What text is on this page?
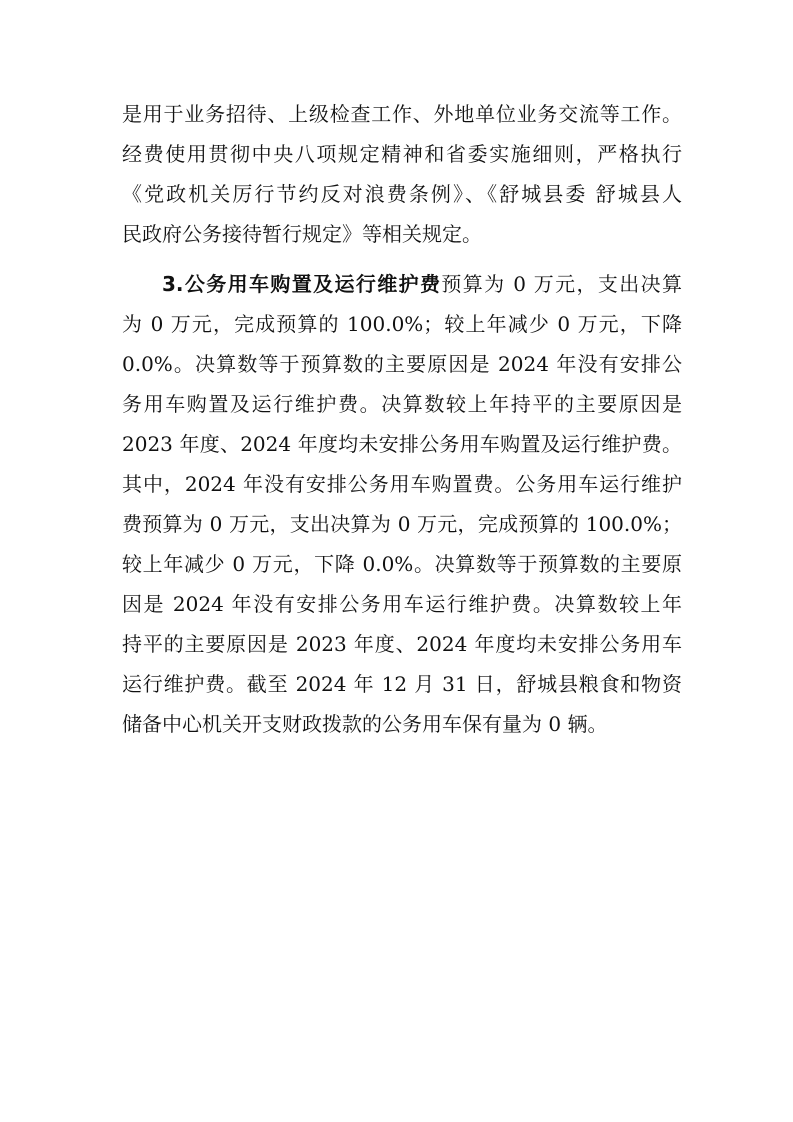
是用于业务招待、上级检查工作、外地单位业务交流等工作。
经费使用贯彻中央八项规定精神和省委实施细则，严格执行
《党政机关厉行节约反对浪费条例》、《舒城县委 舒城县人
民政府公务接待暂行规定》等相关规定。
3.公务用车购置及运行维护费预算为 0 万元，支出决算
为 0 万元，完成预算的 100.0%；较上年减少 0 万元，下降
0.0%。决算数等于预算数的主要原因是 2024 年没有安排公
务用车购置及运行维护费。决算数较上年持平的主要原因是
2023 年度、2024 年度均未安排公务用车购置及运行维护费。
其中，2024 年没有安排公务用车购置费。公务用车运行维护
费预算为 0 万元，支出决算为 0 万元，完成预算的 100.0%；
较上年减少 0 万元，下降 0.0%。决算数等于预算数的主要原
因是 2024 年没有安排公务用车运行维护费。决算数较上年
持平的主要原因是 2023 年度、2024 年度均未安排公务用车
运行维护费。截至 2024 年 12 月 31 日，舒城县粮食和物资
储备中心机关开支财政拨款的公务用车保有量为 0 辆。
